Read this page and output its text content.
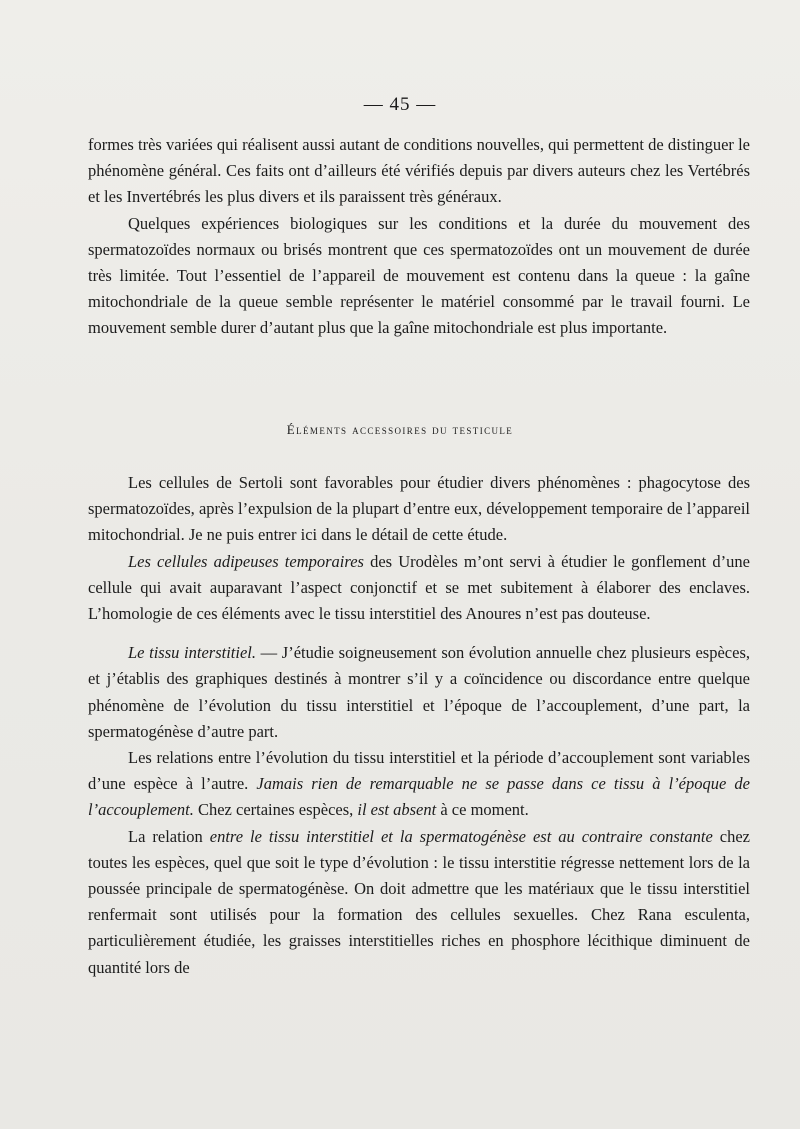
— 45 —

formes très variées qui réalisent aussi autant de conditions nouvelles, qui permettent de distinguer le phénomène général. Ces faits ont d’ailleurs été vérifiés depuis par divers auteurs chez les Vertébrés et les Invertébrés les plus divers et ils paraissent très généraux.

Quelques expériences biologiques sur les conditions et la durée du mouvement des spermatozoïdes normaux ou brisés montrent que ces spermatozoïdes ont un mouvement de durée très limitée. Tout l’essentiel de l’appareil de mouvement est contenu dans la queue : la gaîne mitochondriale de la queue semble représenter le matériel consommé par le travail fourni. Le mouvement semble durer d’autant plus que la gaîne mitochondriale est plus importante.

Éléments accessoires du testicule

Les cellules de Sertoli sont favorables pour étudier divers phénomènes : phagocytose des spermatozoïdes, après l’expulsion de la plupart d’entre eux, développement temporaire de l’appareil mitochondrial. Je ne puis entrer ici dans le détail de cette étude.

Les cellules adipeuses temporaires des Urodèles m’ont servi à étudier le gonflement d’une cellule qui avait auparavant l’aspect conjonctif et se met subitement à élaborer des enclaves. L’homologie de ces éléments avec le tissu interstitiel des Anoures n’est pas douteuse.

Le tissu interstitiel. — J’étudie soigneusement son évolution annuelle chez plusieurs espèces, et j’établis des graphiques destinés à montrer s’il y a coïncidence ou discordance entre quelque phénomène de l’évolution du tissu interstitiel et l’époque de l’accouplement, d’une part, la spermatogénèse d’autre part.

Les relations entre l’évolution du tissu interstitiel et la période d’accouplement sont variables d’une espèce à l’autre. Jamais rien de remarquable ne se passe dans ce tissu à l’époque de l’accouplement. Chez certaines espèces, il est absent à ce moment.

La relation entre le tissu interstitiel et la spermatogénèse est au contraire constante chez toutes les espèces, quel que soit le type d’évolution : le tissu interstitie régresse nettement lors de la poussée principale de spermatogénèse. On doit admettre que les matériaux que le tissu interstitiel renfermait sont utilisés pour la formation des cellules sexuelles. Chez Rana esculenta, particulièrement étudiée, les graisses interstitielles riches en phosphore lécithique diminuent de quantité lors de
